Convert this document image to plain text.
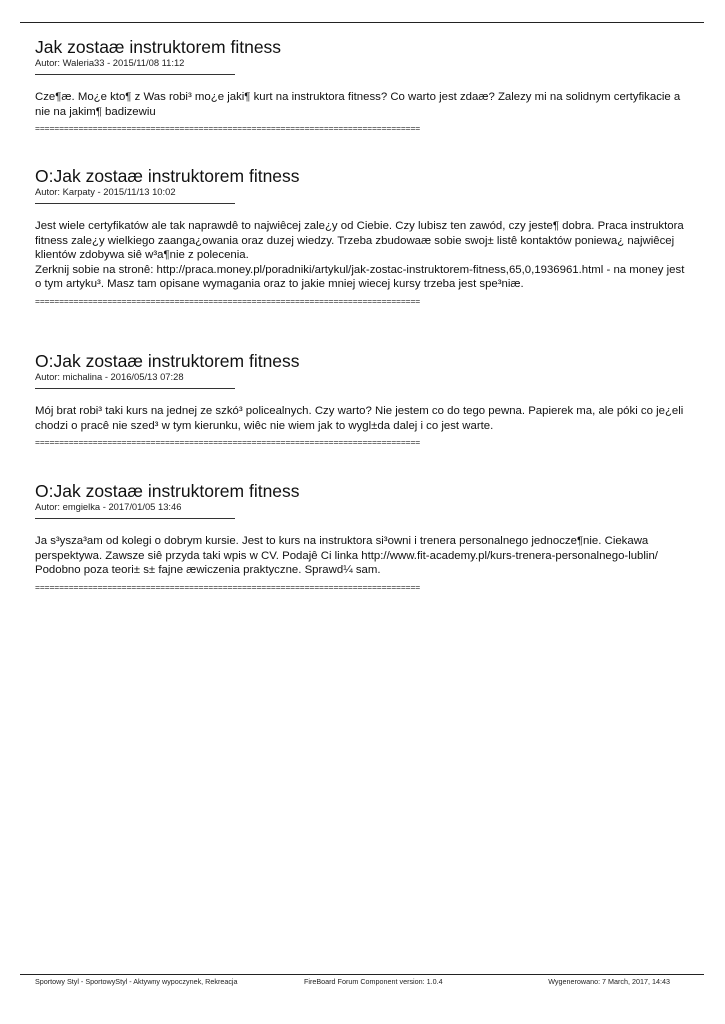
Jak zostaæ instruktorem fitness
Autor: Waleria33 - 2015/11/08 11:12
Cze¶æ. Mo¿e kto¶ z Was robi³ mo¿e jaki¶ kurt na instruktora fitness? Co warto jest zdaæ? Zalezy mi na solidnym certyfikacie a nie na jakim¶ badizewiu
================================================================================
O:Jak zostaæ instruktorem fitness
Autor: Karpaty - 2015/11/13 10:02
Jest wiele certyfikatów ale tak naprawdê to najwiêcej zale¿y od Ciebie. Czy lubisz ten zawód, czy jeste¶ dobra. Praca instruktora fitness zale¿y wielkiego zaanga¿owania oraz duzej wiedzy. Trzeba zbudowaæ sobie swoj± listê kontaktów poniewa¿ najwiêcej klientów zdobywa siê w³a¶nie z polecenia.
Zerknij sobie na stronê: http://praca.money.pl/poradniki/artykul/jak-zostac-instruktorem-fitness,65,0,1936961.html - na money jest o tym artyku³. Masz tam opisane wymagania oraz to jakie mniej wiecej kursy trzeba jest spe³niæ.
================================================================================
O:Jak zostaæ instruktorem fitness
Autor: michalina - 2016/05/13 07:28
Mój brat robi³ taki kurs na jednej ze szkó³ policealnych. Czy warto? Nie jestem co do tego pewna. Papierek ma, ale póki co je¿eli chodzi o pracê nie szed³ w tym kierunku, wiêc nie wiem jak to wygl±da dalej i co jest warte.
================================================================================
O:Jak zostaæ instruktorem fitness
Autor: emgielka - 2017/01/05 13:46
Ja s³ysza³am od kolegi o dobrym kursie. Jest to kurs na instruktora si³owni i trenera personalnego jednocze¶nie. Ciekawa perspektywa. Zawsze siê przyda taki wpis w CV. Podajê Ci linka http://www.fit-academy.pl/kurs-trenera-personalnego-lublin/  Podobno poza teori± s± fajne æwiczenia praktyczne. Sprawd¼ sam.
================================================================================
Sportowy Styl - SportowyStyl - Aktywny wypoczynek, Rekreacja	FireBoard Forum Component version: 1.0.4	Wygenerowano: 7 March, 2017, 14:43
